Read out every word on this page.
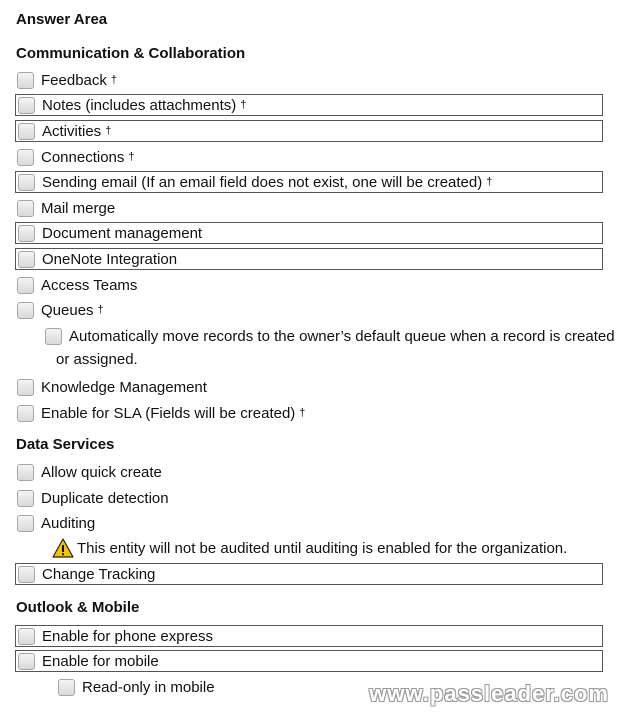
Answer Area
Communication & Collaboration
Feedback †
Notes (includes attachments) †
Activities †
Connections †
Sending email (If an email field does not exist, one will be created) †
Mail merge
Document management
OneNote Integration
Access Teams
Queues †
Automatically move records to the owner’s default queue when a record is created
or assigned.
Knowledge Management
Enable for SLA (Fields will be created) †
Data Services
Allow quick create
Duplicate detection
Auditing
This entity will not be audited until auditing is enabled for the organization.
Change Tracking
Outlook & Mobile
Enable for phone express
Enable for mobile
Read-only in mobile	www.passleader.com
